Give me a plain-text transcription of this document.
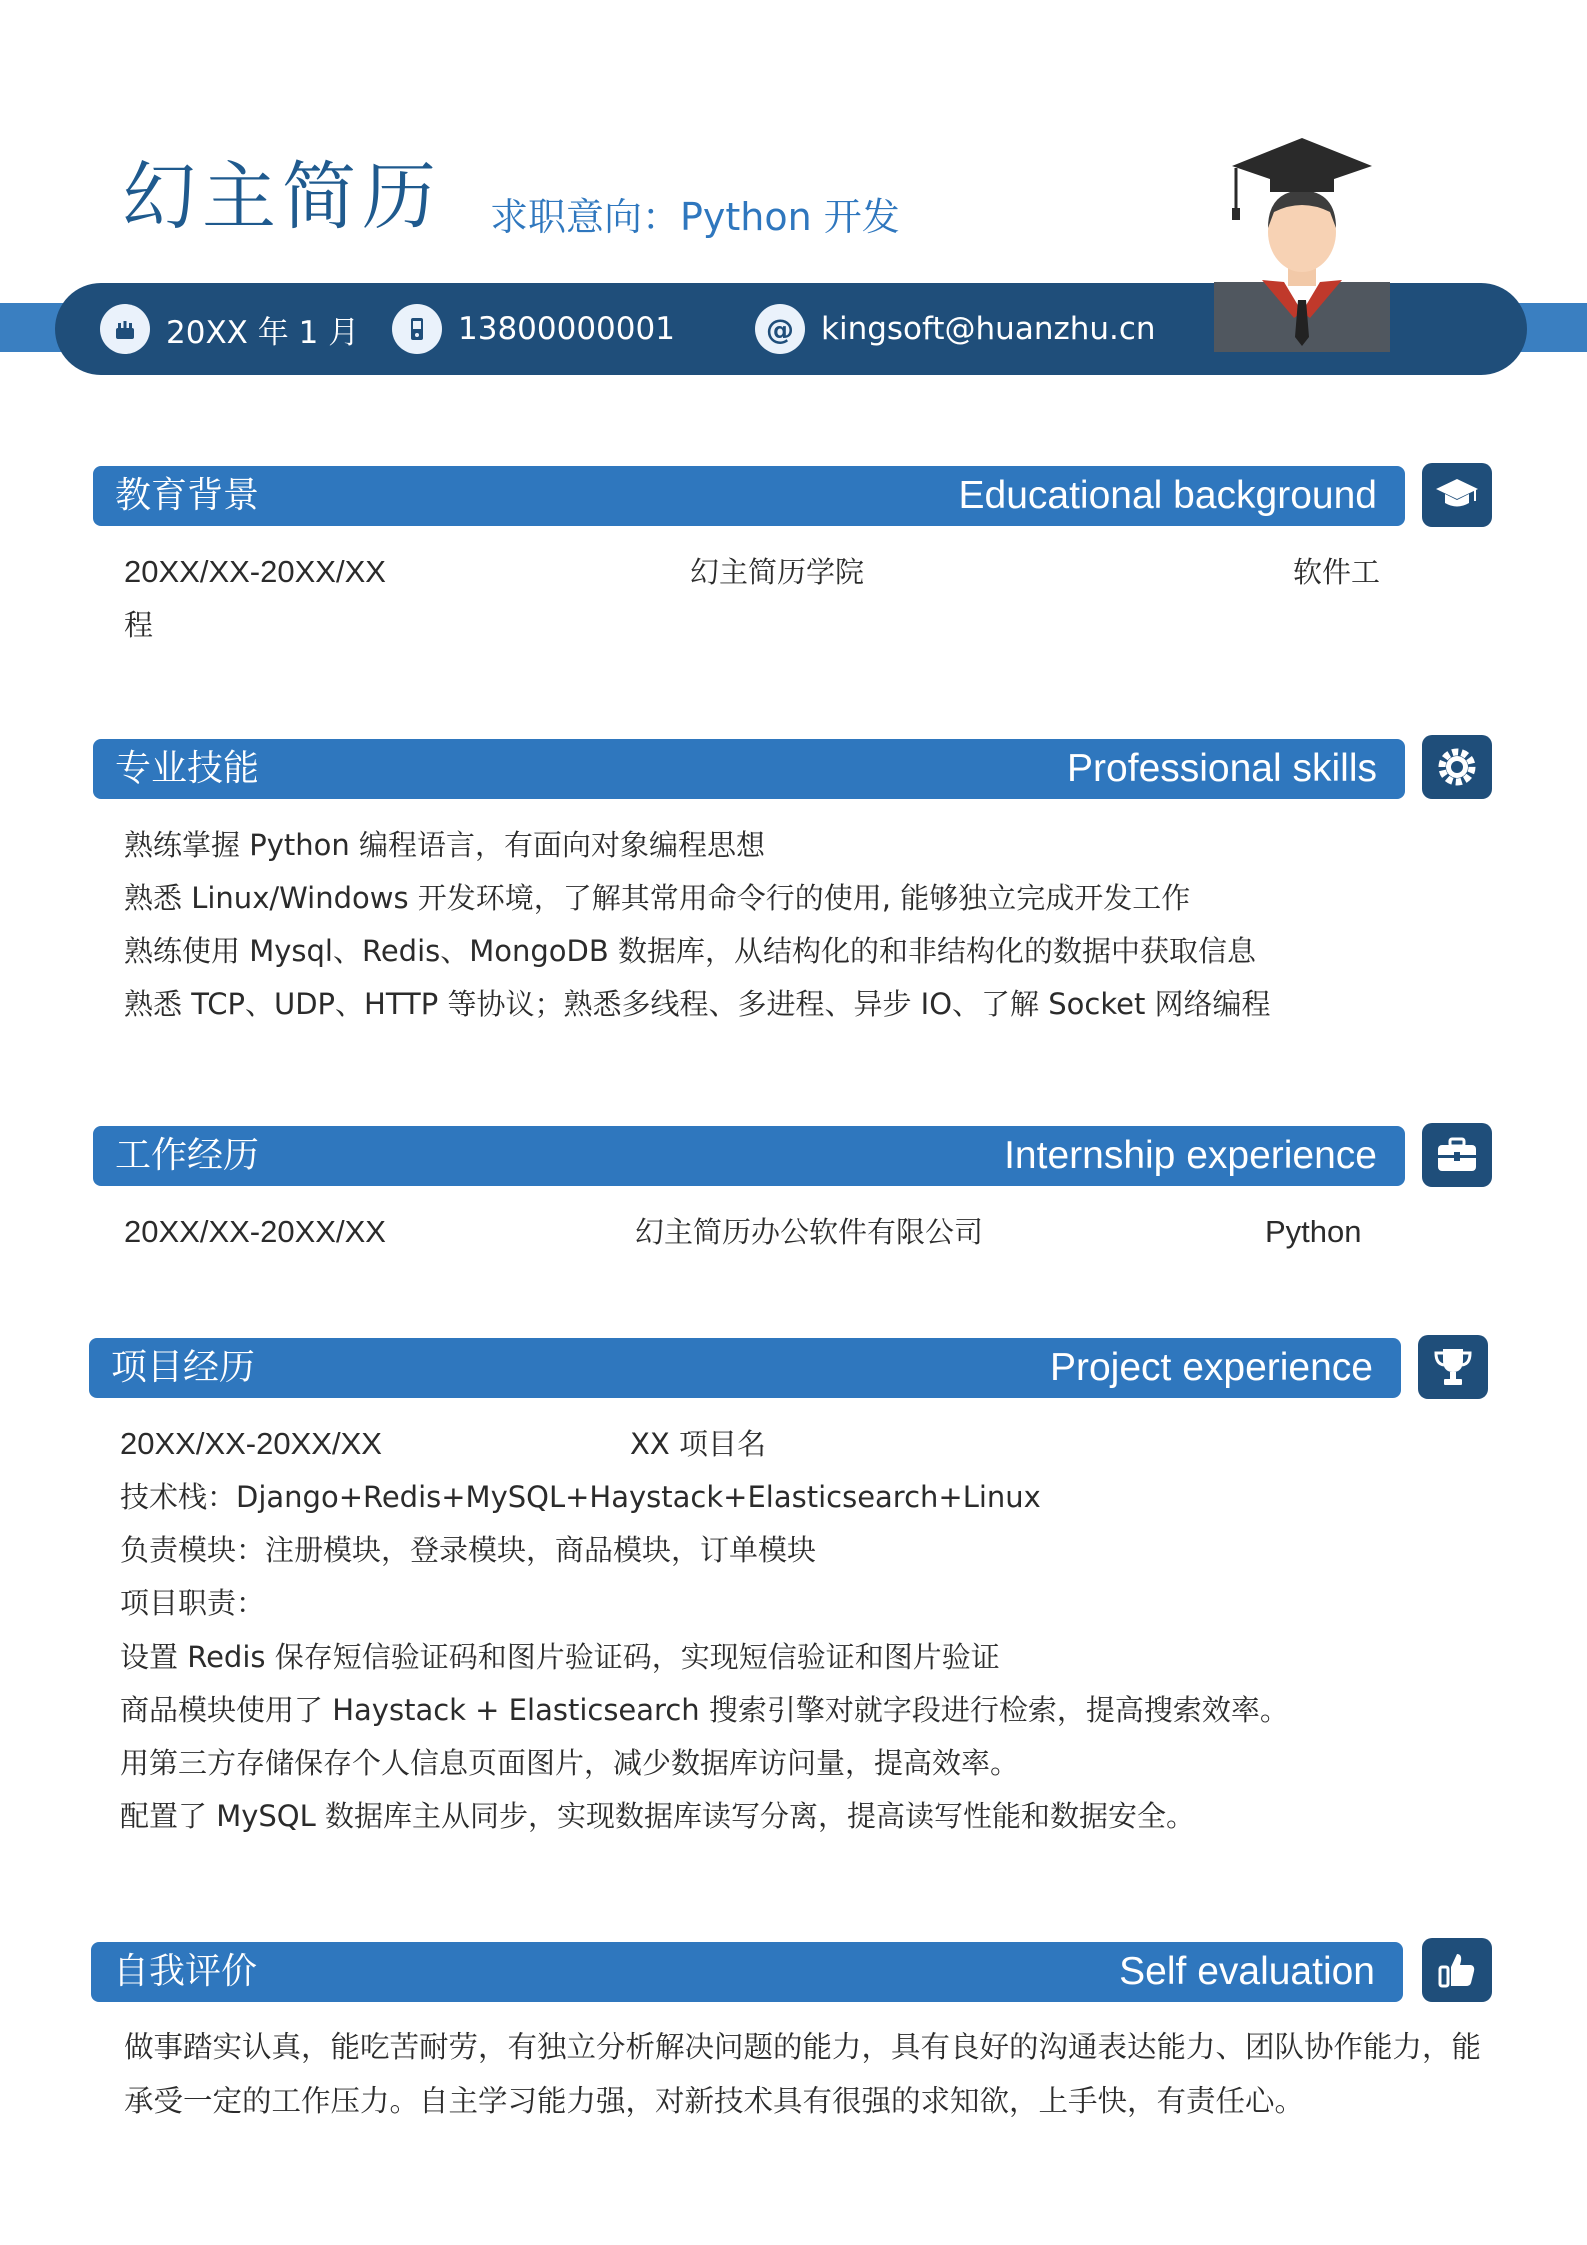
幻主简历 求职意向：Python 开发
20XX 年 1 月	13800000001	@ kingsoft@huanzhu.cn
教育背景	Educational background
20XX/XX-20XX/XX	幻主简历学院	软件工
程
专业技能	Professional skills
熟练掌握 Python 编程语言，有面向对象编程思想
熟悉 Linux/Windows 开发环境，了解其常用命令行的使用, 能够独立完成开发工作
熟练使用 Mysql、Redis、MongoDB 数据库，从结构化的和非结构化的数据中获取信息
熟悉 TCP、UDP、HTTP 等协议；熟悉多线程、多进程、异步 IO、了解 Socket 网络编程
工作经历	Internship experience
20XX/XX-20XX/XX	幻主简历办公软件有限公司	Python
项目经历	Project experience
20XX/XX-20XX/XX	XX 项目名
技术栈：Django+Redis+MySQL+Haystack+Elasticsearch+Linux
负责模块：注册模块，登录模块，商品模块，订单模块
项目职责：
设置 Redis 保存短信验证码和图片验证码，实现短信验证和图片验证
商品模块使用了 Haystack + Elasticsearch 搜索引擎对就字段进行检索，提高搜索效率。
用第三方存储保存个人信息页面图片，减少数据库访问量，提高效率。
配置了 MySQL 数据库主从同步，实现数据库读写分离，提高读写性能和数据安全。
自我评价	Self evaluation
做事踏实认真，能吃苦耐劳，有独立分析解决问题的能力，具有良好的沟通表达能力、团队协作能力，能
承受一定的工作压力。自主学习能力强，对新技术具有很强的求知欲，上手快，有责任心。
